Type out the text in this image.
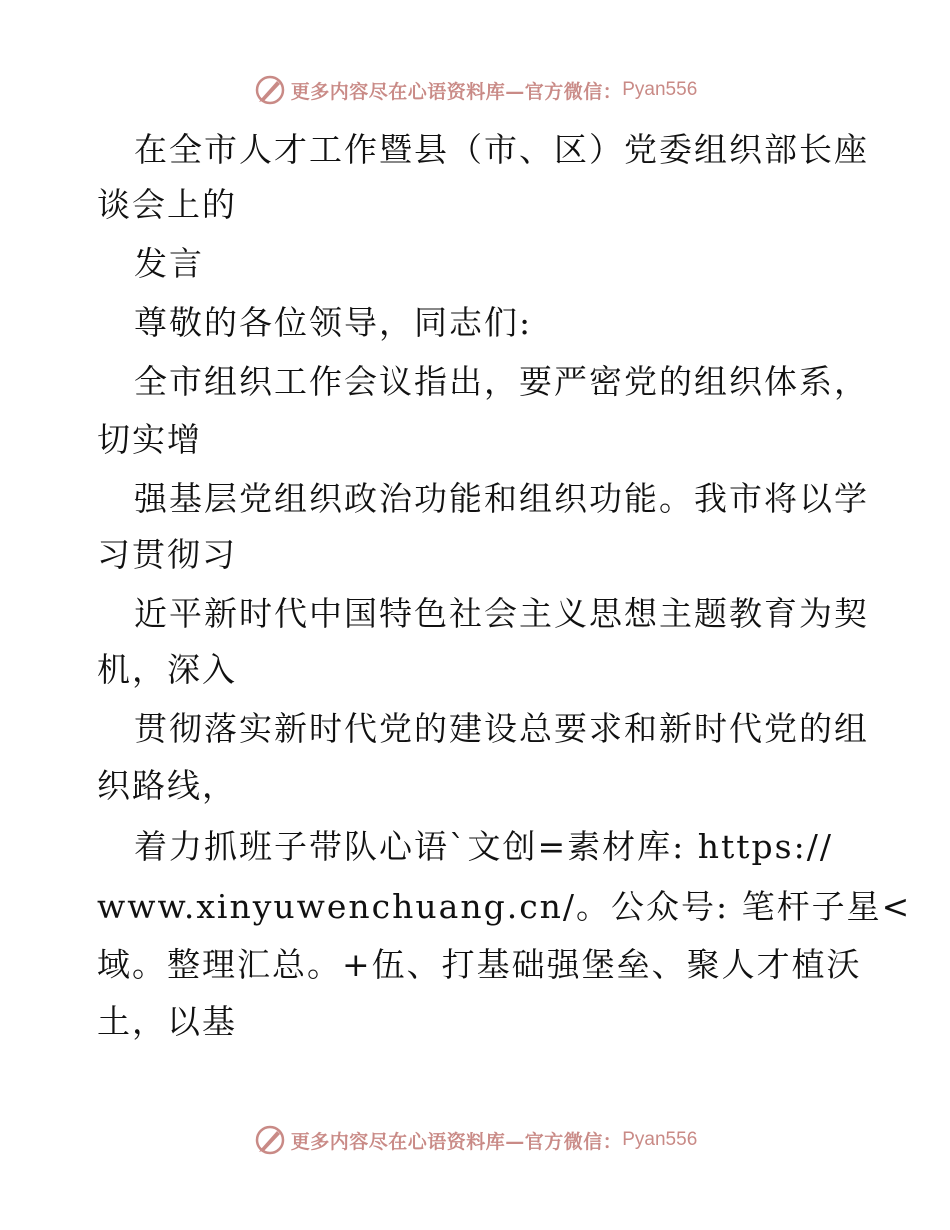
更多内容尽在心语资料库—官方微信： Pyan556
在全市人才工作暨县（市、区）党委组织部长座
谈会上的
发言
尊敬的各位领导，同志们:
全市组织工作会议指出，要严密党的组织体系，
切实增
强基层党组织政治功能和组织功能。我市将以学
习贯彻习
近平新时代中国特色社会主义思想主题教育为契
机，深入
贯彻落实新时代党的建设总要求和新时代党的组
织路线，
着力抓班子带队心语`文创=素材库: https://
www.xinyuwenchuang.cn/。公众号: 笔杆子星<
域。整理汇总。+伍、打基础强堡垒、聚人才植沃
土，以基
更多内容尽在心语资料库—官方微信： Pyan556
